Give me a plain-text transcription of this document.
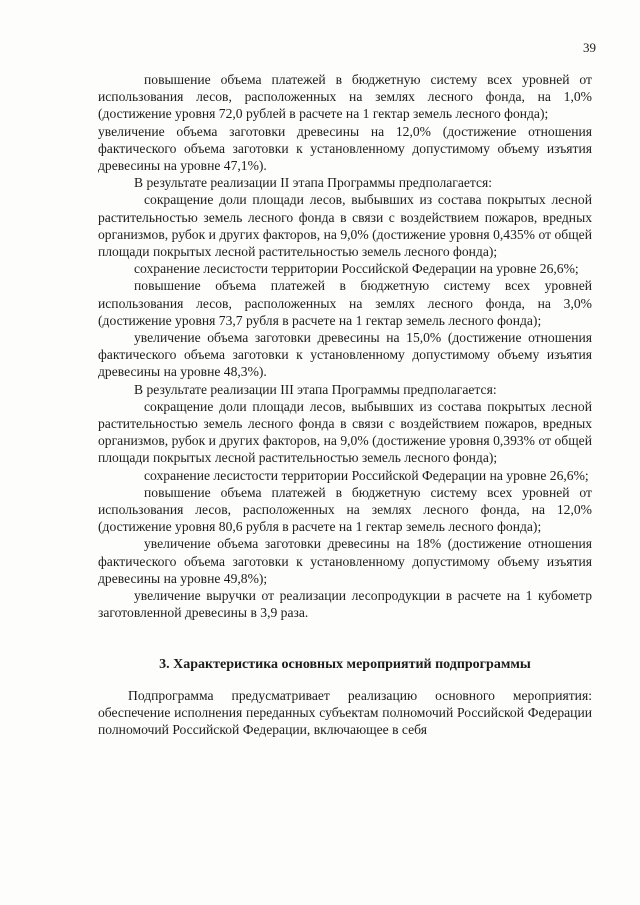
39

повышение объема платежей в бюджетную систему всех уровней от использования лесов, расположенных на землях лесного фонда, на 1,0% (достижение уровня 72,0 рублей в расчете на 1 гектар земель лесного фонда);

увеличение объема заготовки древесины на 12,0% (достижение отношения фактического объема заготовки к установленному допустимому объему изъятия древесины на уровне 47,1%).

В результате реализации II этапа Программы предполагается:

сокращение доли площади лесов, выбывших из состава покрытых лесной растительностью земель лесного фонда в связи с воздействием пожаров, вредных организмов, рубок и других факторов, на 9,0% (достижение уровня 0,435% от общей площади покрытых лесной растительностью земель лесного фонда);

сохранение лесистости территории Российской Федерации на уровне 26,6%;

повышение объема платежей в бюджетную систему всех уровней использования лесов, расположенных на землях лесного фонда, на 3,0% (достижение уровня 73,7 рубля в расчете на 1 гектар земель лесного фонда);

увеличение объема заготовки древесины на 15,0% (достижение отношения фактического объема заготовки к установленному допустимому объему изъятия древесины на уровне 48,3%).

В результате реализации III этапа Программы предполагается:

сокращение доли площади лесов, выбывших из состава покрытых лесной растительностью земель лесного фонда в связи с воздействием пожаров, вредных организмов, рубок и других факторов, на 9,0% (достижение уровня 0,393% от общей площади покрытых лесной растительностью земель лесного фонда);

сохранение лесистости территории Российской Федерации на уровне 26,6%;

повышение объема платежей в бюджетную систему всех уровней от использования лесов, расположенных на землях лесного фонда, на 12,0% (достижение уровня 80,6 рубля в расчете на 1 гектар земель лесного фонда);

увеличение объема заготовки древесины на 18% (достижение отношения фактического объема заготовки к установленному допустимому объему изъятия древесины на уровне 49,8%);

увеличение выручки от реализации лесопродукции в расчете на 1 кубометр заготовленной древесины в 3,9 раза.

3. Характеристика основных мероприятий подпрограммы

Подпрограмма предусматривает реализацию основного мероприятия: обеспечение исполнения переданных субъектам полномочий Российской Федерации полномочий Российской Федерации, включающее в себя
